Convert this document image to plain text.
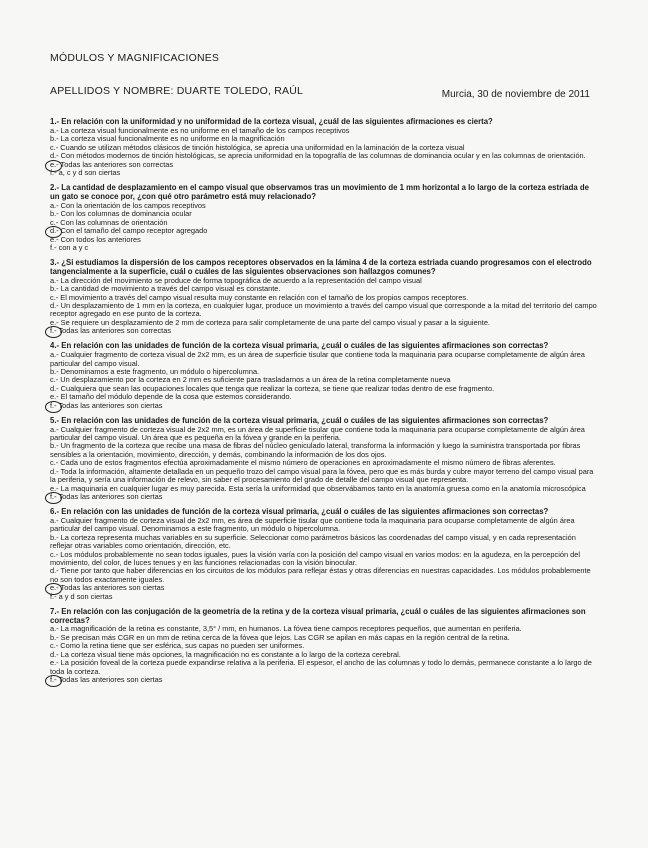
MÓDULOS Y MAGNIFICACIONES
APELLIDOS Y NOMBRE: DUARTE TOLEDO, RAÚL	Murcia, 30 de noviembre de 2011
1.- En relación con la uniformidad y no uniformidad de la corteza visual, ¿cuál de las siguientes afirmaciones es cierta?
a.- La corteza visual funcionalmente es no uniforme en el tamaño de los campos receptivos
b.- La corteza visual funcionalmente es no uniforme en la magnificación
c.- Cuando se utilizan métodos clásicos de tinción histológica, se aprecia una uniformidad en la laminación de la corteza visual
d.- Con métodos modernos de tinción histológicas, se aprecia uniformidad en la topografía de las columnas de dominancia ocular y en las columnas de orientación.
e.- Todas las anteriores son correctas
f.- a, c y d son ciertas
2.- La cantidad de desplazamiento en el campo visual que observamos tras un movimiento de 1 mm horizontal a lo largo de la corteza estriada de un gato se conoce por, ¿con qué otro parámetro está muy relacionado?
a.- Con la orientación de los campos receptivos
b.- Con los columnas de dominancia ocular
c.- Con las columnas de orientación
d.- Con el tamaño del campo receptor agregado
e.- Con todos los anteriores
f.- con a y c
3.- ¿Si estudiamos la dispersión de los campos receptores observados en la lámina 4 de la corteza estriada cuando progresamos con el electrodo tangencialmente a la superficie, cuál o cuáles de las siguientes observaciones son hallazgos comunes?
a.- La dirección del movimiento se produce de forma topográfica de acuerdo a la representación del campo visual
b.- La cantidad de movimiento a través del campo visual es constante.
c.- El movimiento a través del campo visual resulta muy constante en relación con el tamaño de los propios campos receptores.
d.- Un desplazamiento de 1 mm en la corteza, en cualquier lugar, produce un movimiento a través del campo visual que corresponde a la mitad del territorio del campo receptor agregado en ese punto de la corteza.
e.- Se requiere un desplazamiento de 2 mm de corteza para salir completamente de una parte del campo visual y pasar a la siguiente.
f.- Todas las anteriores son correctas
4.- En relación con las unidades de función de la corteza visual primaria, ¿cuál o cuáles de las siguientes afirmaciones son correctas?
a.- Cualquier fragmento de corteza visual de 2x2 mm, es un área de superficie tisular que contiene toda la maquinaria para ocuparse completamente de algún área particular del campo visual.
b.- Denominamos a este fragmento, un módulo o hipercolumna.
c.- Un desplazamiento por la corteza en 2 mm es suficiente para trasladarnos a un área de la retina completamente nueva
d.- Cualquiera que sean las ocupaciones locales que tenga que realizar la corteza, se tiene que realizar todas dentro de ese fragmento.
e.- El tamaño del módulo depende de la cosa que estemos considerando.
f.- Todas las anteriores son ciertas
5.- En relación con las unidades de función de la corteza visual primaria, ¿cuál o cuáles de las siguientes afirmaciones son correctas?
a.- Cualquier fragmento de corteza visual de 2x2 mm, es un área de superficie tisular que contiene toda la maquinaria para ocuparse completamente de algún área particular del campo visual. Un área que es pequeña en la fóvea y grande en la periferia.
b.- Un fragmento de la corteza que recibe una masa de fibras del núcleo geniculado lateral, transforma la información y luego la suministra transportada por fibras sensibles a la orientación, movimiento, dirección, y demás, combinando la información de los dos ojos.
c.- Cada uno de estos fragmentos efectúa aproximadamente el mismo número de operaciones en aproximadamente el mismo número de fibras aferentes.
d.- Toda la información, altamente detallada en un pequeño trozo del campo visual para la fóvea, pero que es más burda y cubre mayor terreno del campo visual para la periferia, y sería una información de relevo, sin saber el procesamiento del grado de detalle del campo visual que representa.
e.- La maquinaria en cualquier lugar es muy parecida. Esta sería la uniformidad que observábamos tanto en la anatomía gruesa como en la anatomía microscópica
f.- Todas las anteriores son ciertas
6.- En relación con las unidades de función de la corteza visual primaria, ¿cuál o cuáles de las siguientes afirmaciones son correctas?
a.- Cualquier fragmento de corteza visual de 2x2 mm, es área de superficie tisular que contiene toda la maquinaria para ocuparse completamente de algún área particular del campo visual. Denominamos a este fragmento, un módulo o hipercolumna.
b.- La corteza representa muchas variables en su superficie. Seleccionar como parámetros básicos las coordenadas del campo visual, y en cada representación reflejar otras variables como orientación, dirección, etc.
c.- Los módulos probablemente no sean todos iguales, pues la visión varía con la posición del campo visual en varios modos: en la agudeza, en la percepción del movimiento, del color, de luces tenues y en las funciones relacionadas con la visión binocular.
d.- Tiene por tanto que haber diferencias en los circuitos de los módulos para reflejar éstas y otras diferencias en nuestras capacidades. Los módulos probablemente no son todos exactamente iguales.
e.- Todas las anteriores son ciertas
f.- a y d son ciertas
7.- En relación con las conjugación de la geometría de la retina y de la corteza visual primaria, ¿cuál o cuáles de las siguientes afirmaciones son correctas?
a.- La magnificación de la retina es constante, 3,5° / mm, en humanos. La fóvea tiene campos receptores pequeños, que aumentan en periferia.
b.- Se precisan más CGR en un mm de retina cerca de la fóvea que lejos. Las CGR se apilan en más capas en la región central de la retina.
c.- Como la retina tiene que ser esférica, sus capas no pueden ser uniformes.
d.- La corteza visual tiene más opciones, la magnificación no es constante a lo largo de la corteza cerebral.
e.- La posición foveal de la corteza puede expandirse relativa a la periferia. El espesor, el ancho de las columnas y todo lo demás, permanece constante a lo largo de toda la corteza.
f.- Todas las anteriores son ciertas
